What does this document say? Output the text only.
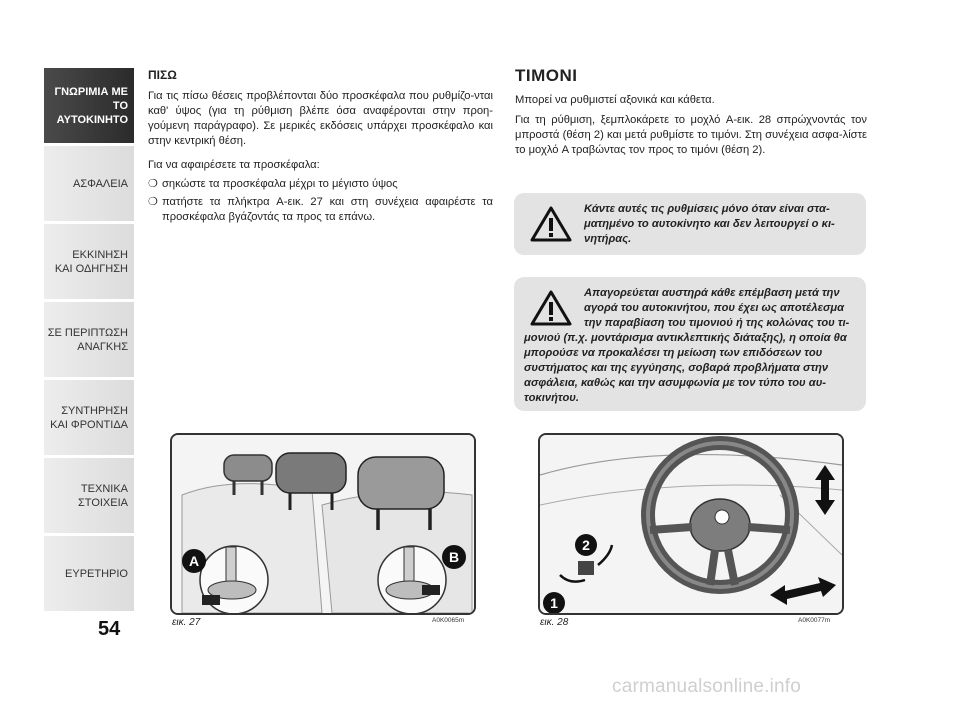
ΓΝΩΡΙΜΙΑ ΜΕ ΤΟ
ΑΥΤΟΚΙΝΗΤΟ
ΑΣΦΑΛΕΙΑ
ΕΚΚΙΝΗΣΗ
ΚΑΙ ΟΔΗΓΗΣΗ
ΣΕ ΠΕΡΙΠΤΩΣΗ
ΑΝΑΓΚΗΣ
ΣΥΝΤΗΡΗΣΗ
ΚΑΙ ΦΡΟΝΤΙΔΑ
ΤΕΧΝΙΚΑ
ΣΤΟΙΧΕΙΑ
ΕΥΡΕΤΗΡΙΟ
54
ΠΙΣΩ

Για τις πίσω θέσεις προβλέπονται δύο προσκέφαλα που ρυθμίζο-νται καθ' ύψος (για τη ρύθμιση βλέπε όσα αναφέρονται στην προη-γούμενη παράγραφο). Σε μερικές εκδόσεις υπάρχει προσκέφαλο και στην κεντρική θέση.

Για να αφαιρέσετε τα προσκέφαλα:

❍ σηκώστε τα προσκέφαλα μέχρι το μέγιστο ύψος
❍ πατήστε τα πλήκτρα A-εικ. 27 και στη συνέχεια αφαιρέστε τα προσκέφαλα βγάζοντάς τα προς τα επάνω.
ΤΙΜΟΝΙ

Μπορεί να ρυθμιστεί αξονικά και κάθετα.

Για τη ρύθμιση, ξεμπλοκάρετε το μοχλό A-εικ. 28 σπρώχνοντάς τον μπροστά (θέση 2) και μετά ρυθμίστε το τιμόνι. Στη συνέχεια ασφα-λίστε το μοχλό A τραβώντας τον προς το τιμόνι (θέση 2).

Κάντε αυτές τις ρυθμίσεις μόνο όταν είναι στα-ματημένο το αυτοκίνητο και δεν λειτουργεί ο κι-νητήρας.
Απαγορεύεται αυστηρά κάθε επέμβαση μετά την αγορά του αυτοκινήτου, που έχει ως αποτέλεσμα την παραβίαση του τιμονιού ή της κολώνας του τι-μονιού (π.χ. μοντάρισμα αντικλεπτικής διάταξης), η οποία θα μπορούσε να προκαλέσει τη μείωση των επιδόσεων του συστήματος και της εγγύησης, σοβαρά προβλήματα στην ασφάλεια, καθώς και την ασυμφωνία με τον τύπο του αυ-τοκινήτου.
A	B
εικ. 27	A0K0065m
1
2
εικ. 28	A0K0077m
carmanualsonline.info
